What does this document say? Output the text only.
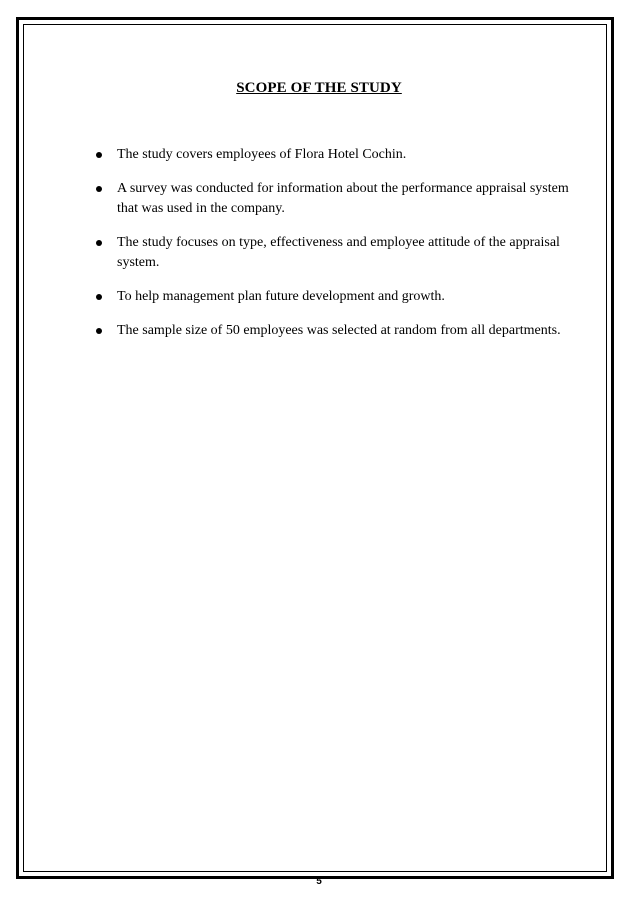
SCOPE OF THE STUDY
The study covers employees of Flora Hotel Cochin.
A survey was conducted for information about the performance appraisal system that was used in the company.
The study focuses on type, effectiveness and employee attitude of the appraisal system.
To help management plan future development and growth.
The sample size of 50 employees was selected at random from all departments.
5
